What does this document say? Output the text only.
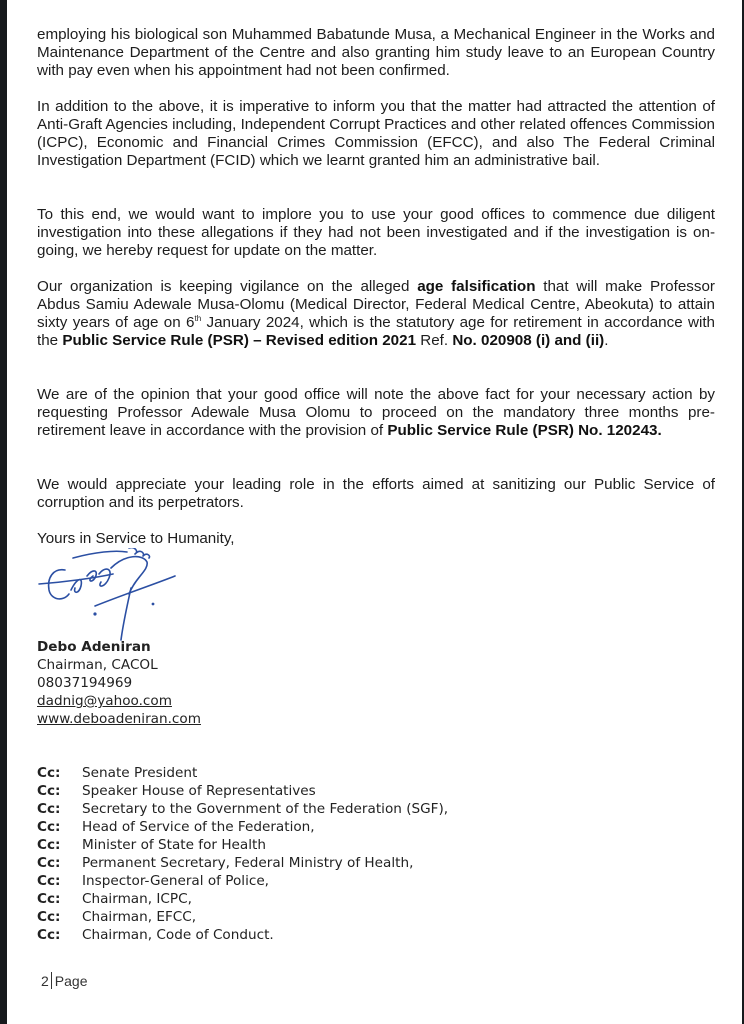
employing his biological son Muhammed Babatunde Musa, a Mechanical Engineer in the Works and Maintenance Department of the Centre and also granting him study leave to an European Country with pay even when his appointment had not been confirmed.
In addition to the above, it is imperative to inform you that the matter had attracted the attention of Anti-Graft Agencies including, Independent Corrupt Practices and other related offences Commission (ICPC), Economic and Financial Crimes Commission (EFCC), and also The Federal Criminal Investigation Department (FCID) which we learnt granted him an administrative bail.
To this end, we would want to implore you to use your good offices to commence due diligent investigation into these allegations if they had not been investigated and if the investigation is on-going, we hereby request for update on the matter.
Our organization is keeping vigilance on the alleged age falsification that will make Professor Abdus Samiu Adewale Musa-Olomu (Medical Director, Federal Medical Centre, Abeokuta) to attain sixty years of age on 6th January 2024, which is the statutory age for retirement in accordance with the Public Service Rule (PSR) – Revised edition 2021 Ref. No. 020908 (i) and (ii).
We are of the opinion that your good office will note the above fact for your necessary action by requesting Professor Adewale Musa Olomu to proceed on the mandatory three months pre-retirement leave in accordance with the provision of Public Service Rule (PSR) No. 120243.
We would appreciate your leading role in the efforts aimed at sanitizing our Public Service of corruption and its perpetrators.
Yours in Service to Humanity,
Debo Adeniran
Chairman, CACOL
08037194969
dadnig@yahoo.com
www.deboadeniran.com
Cc:	Senate President
Cc:	Speaker House of Representatives
Cc:	Secretary to the Government of the Federation (SGF),
Cc:	Head of Service of the Federation,
Cc:	Minister of State for Health
Cc:	Permanent Secretary, Federal Ministry of Health,
Cc:	Inspector-General of Police,
Cc:	Chairman, ICPC,
Cc:	Chairman, EFCC,
Cc:	Chairman, Code of Conduct.
2 Page
